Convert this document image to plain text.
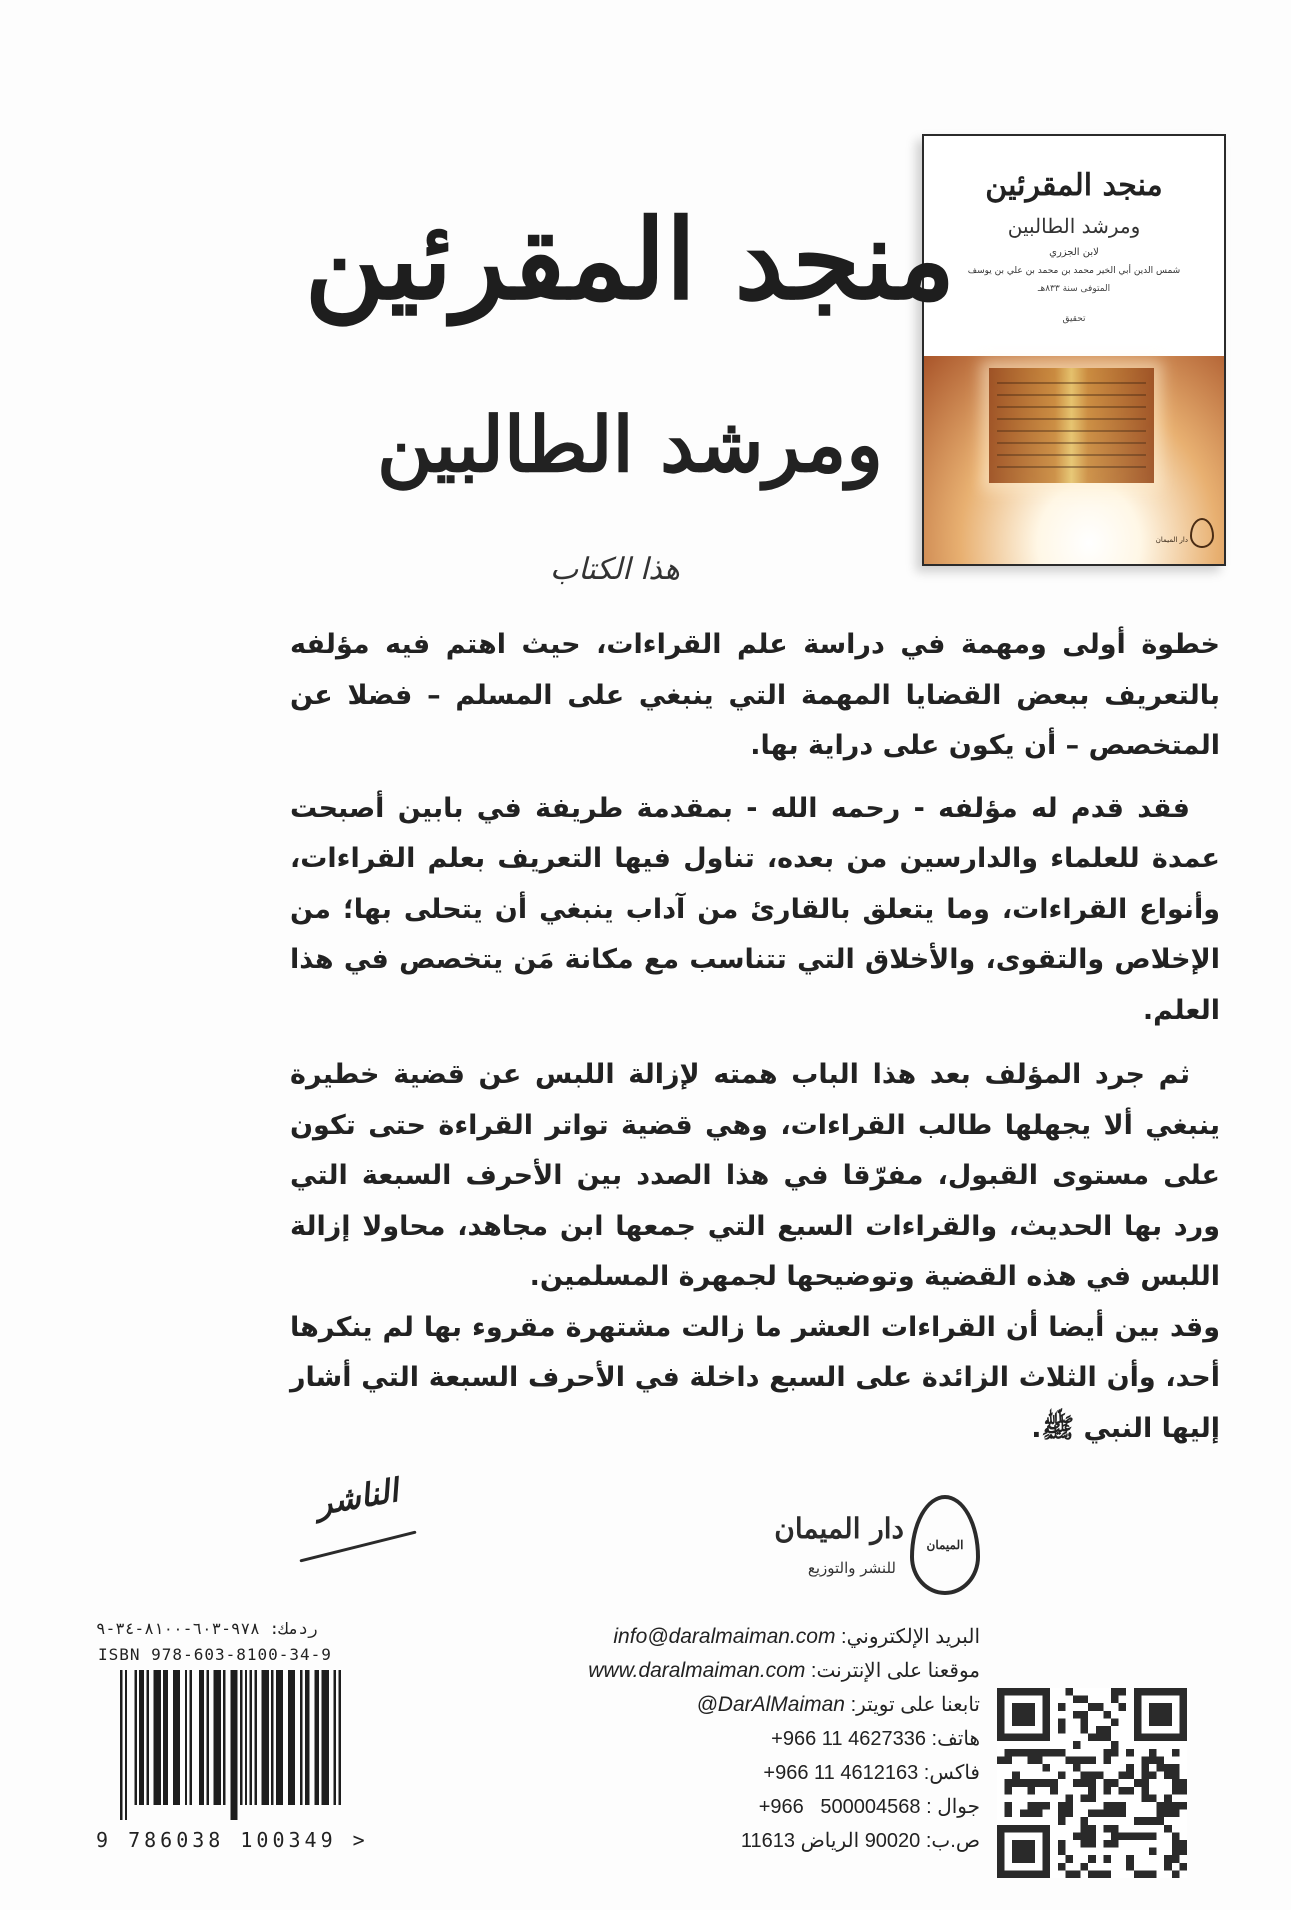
منجد المقرئين
ومرشد الطالبين
لابن الجزري
شمس الدين أبي الخير محمد بن محمد بن علي بن يوسف
المتوفى سنة ٨٣٣هـ
تحقيق
دار الميمان
منجد المقرئين
ومرشد الطالبين
هذا الكتاب

خطوة أولى ومهمة في دراسة علم القراءات، حيث اهتم فيه مؤلفه بالتعريف ببعض القضايا المهمة التي ينبغي على المسلم – فضلا عن المتخصص – أن يكون على دراية بها.

فقد قدم له مؤلفه - رحمه الله - بمقدمة طريفة في بابين أصبحت عمدة للعلماء والدارسين من بعده، تناول فيها التعريف بعلم القراءات، وأنواع القراءات، وما يتعلق بالقارئ من آداب ينبغي أن يتحلى بها؛ من الإخلاص والتقوى، والأخلاق التي تتناسب مع مكانة مَن يتخصص في هذا العلم.

ثم جرد المؤلف بعد هذا الباب همته لإزالة اللبس عن قضية خطيرة ينبغي ألا يجهلها طالب القراءات، وهي قضية تواتر القراءة حتى تكون على مستوى القبول، مفرّقا في هذا الصدد بين الأحرف السبعة التي ورد بها الحديث، والقراءات السبع التي جمعها ابن مجاهد، محاولا إزالة اللبس في هذه القضية وتوضيحها لجمهرة المسلمين.

وقد بين أيضا أن القراءات العشر ما زالت مشتهرة مقروء بها لم ينكرها أحد، وأن الثلاث الزائدة على السبع داخلة في الأحرف السبعة التي أشار إليها النبي ﷺ.

الناشر
الميمان
دار الميمان
للنشر والتوزيع
البريد الإلكتروني: info@daralmaiman.com
موقعنا على الإنترنت: www.daralmaiman.com
تابعنا على تويتر: @DarAlMaiman
هاتف: +966 11 4627336
فاكس: +966 11 4612163
جوال : +966   500004568
ص.ب: 90020 الرياض 11613
ردمك: ٩٧٨-٦٠٣-٨١٠٠-٣٤-٩
ISBN 978-603-8100-34-9
9 786038 100349 >
